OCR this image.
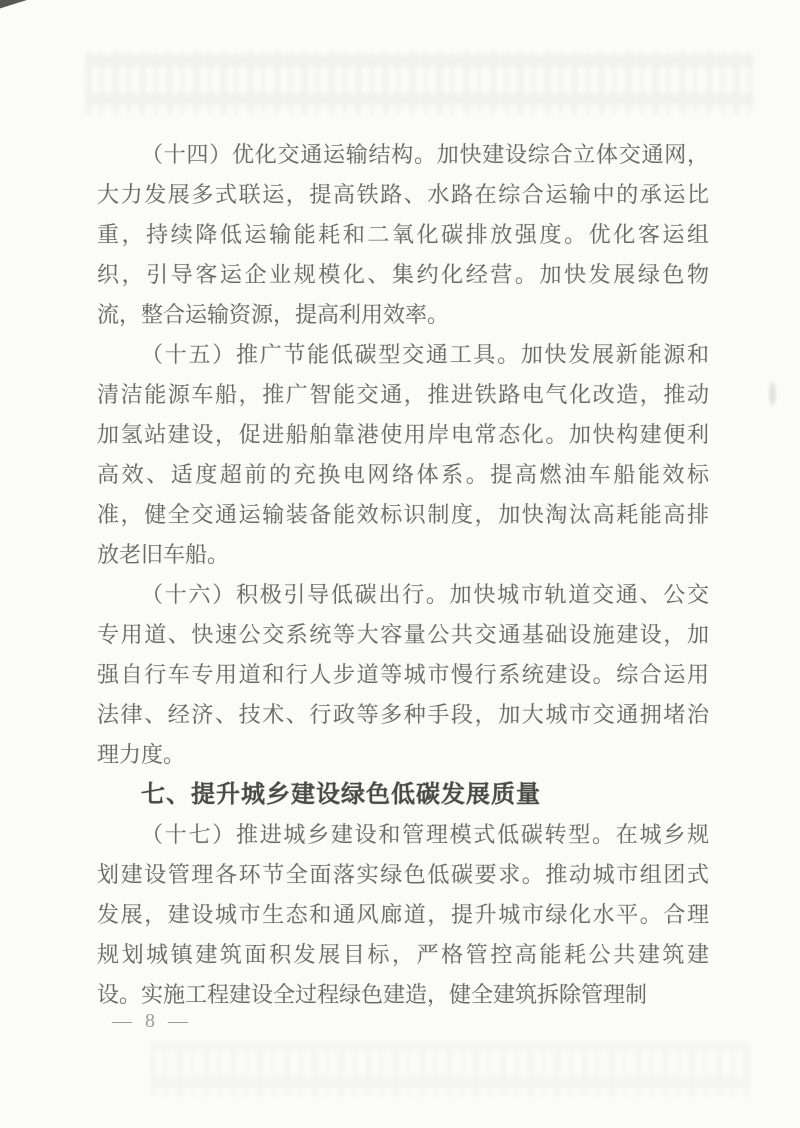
（十四）优化交通运输结构。加快建设综合立体交通网，
大力发展多式联运，提高铁路、水路在综合运输中的承运比
重，持续降低运输能耗和二氧化碳排放强度。优化客运组
织，引导客运企业规模化、集约化经营。加快发展绿色物
流，整合运输资源，提高利用效率。
（十五）推广节能低碳型交通工具。加快发展新能源和
清洁能源车船，推广智能交通，推进铁路电气化改造，推动
加氢站建设，促进船舶靠港使用岸电常态化。加快构建便利
高效、适度超前的充换电网络体系。提高燃油车船能效标
准，健全交通运输装备能效标识制度，加快淘汰高耗能高排
放老旧车船。
（十六）积极引导低碳出行。加快城市轨道交通、公交
专用道、快速公交系统等大容量公共交通基础设施建设，加
强自行车专用道和行人步道等城市慢行系统建设。综合运用
法律、经济、技术、行政等多种手段，加大城市交通拥堵治
理力度。
七、提升城乡建设绿色低碳发展质量
（十七）推进城乡建设和管理模式低碳转型。在城乡规
划建设管理各环节全面落实绿色低碳要求。推动城市组团式
发展，建设城市生态和通风廊道，提升城市绿化水平。合理
规划城镇建筑面积发展目标，严格管控高能耗公共建筑建
设。实施工程建设全过程绿色建造，健全建筑拆除管理制
— 8 —
